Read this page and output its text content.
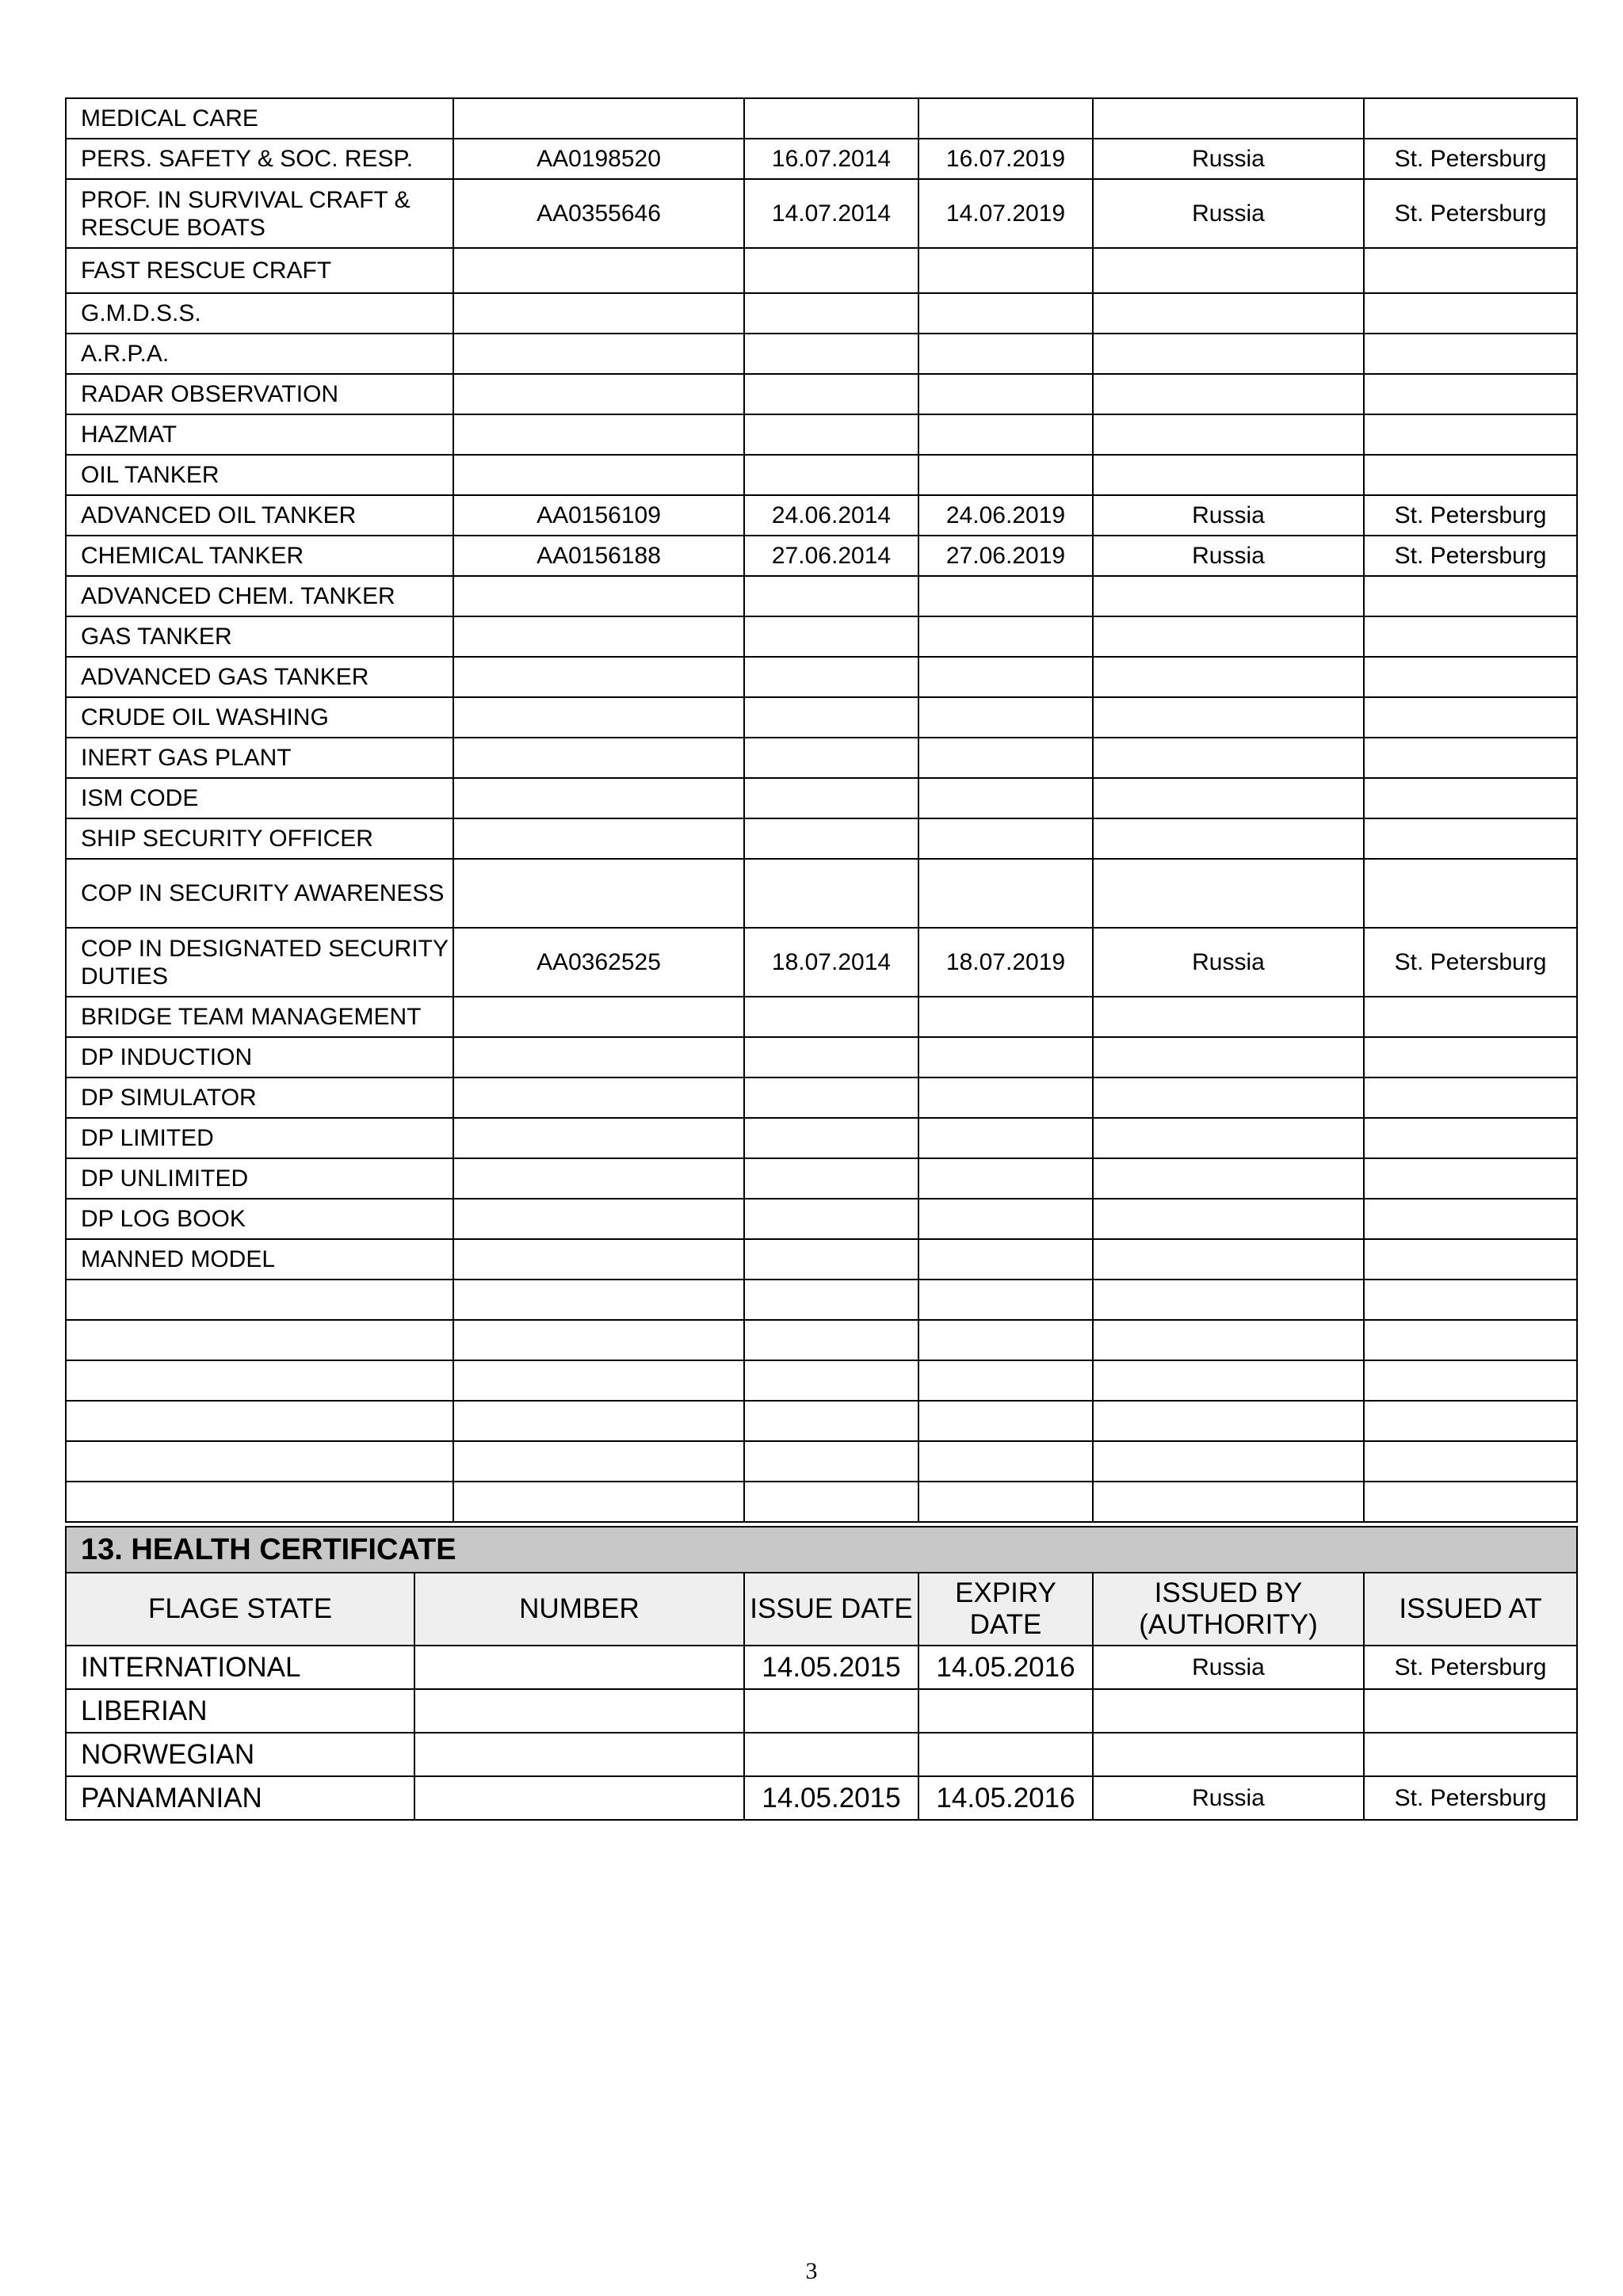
MEDICAL CARE					
PERS. SAFETY & SOC. RESP.	AA0198520	16.07.2014	16.07.2019	Russia	St. Petersburg
PROF. IN SURVIVAL CRAFT & RESCUE BOATS	AA0355646	14.07.2014	14.07.2019	Russia	St. Petersburg
FAST RESCUE CRAFT					
G.M.D.S.S.					
A.R.P.A.					
RADAR OBSERVATION					
HAZMAT					
OIL TANKER					
ADVANCED OIL TANKER	AA0156109	24.06.2014	24.06.2019	Russia	St. Petersburg
CHEMICAL TANKER	AA0156188	27.06.2014	27.06.2019	Russia	St. Petersburg
ADVANCED CHEM. TANKER					
GAS TANKER					
ADVANCED GAS TANKER					
CRUDE OIL WASHING					
INERT GAS PLANT					
ISM CODE					
SHIP SECURITY OFFICER					
COP IN SECURITY AWARENESS					
COP IN DESIGNATED SECURITY DUTIES	AA0362525	18.07.2014	18.07.2019	Russia	St. Petersburg
BRIDGE TEAM MANAGEMENT					
DP INDUCTION					
DP SIMULATOR					
DP LIMITED					
DP UNLIMITED					
DP LOG BOOK					
MANNED MODEL					

13. HEALTH CERTIFICATE					
FLAGE STATE	NUMBER	ISSUE DATE	EXPIRY DATE	ISSUED BY (AUTHORITY)	ISSUED AT
INTERNATIONAL		14.05.2015	14.05.2016	Russia	St. Petersburg
LIBERIAN					
NORWEGIAN					
PANAMANIAN		14.05.2015	14.05.2016	Russia	St. Petersburg
3
